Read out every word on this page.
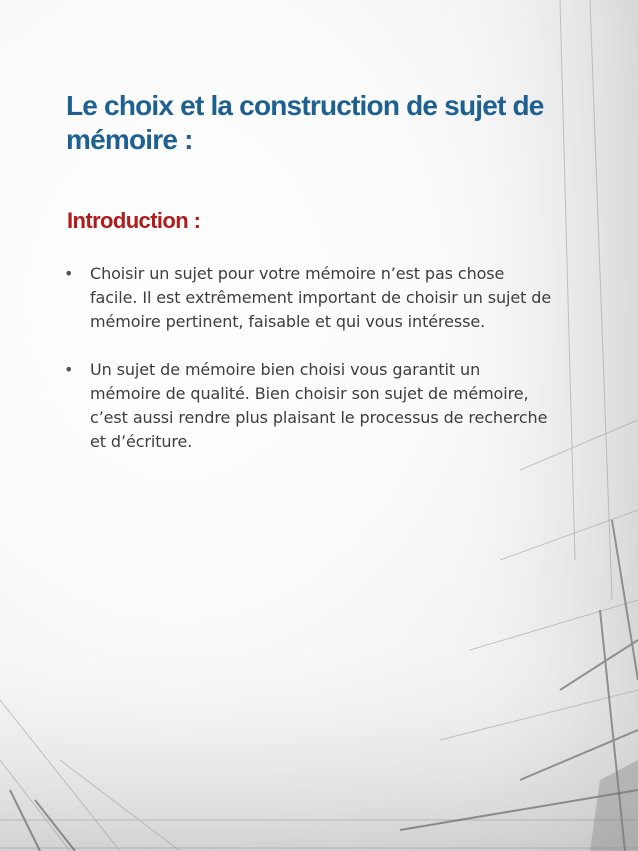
Le choix et la construction de sujet de mémoire :
Introduction :
• Choisir un sujet pour votre mémoire n’est pas chose facile. Il est extrêmement important de choisir un sujet de mémoire pertinent, faisable et qui vous intéresse.
• Un sujet de mémoire bien choisi vous garantit un mémoire de qualité. Bien choisir son sujet de mémoire, c’est aussi rendre plus plaisant le processus de recherche et d’écriture.
